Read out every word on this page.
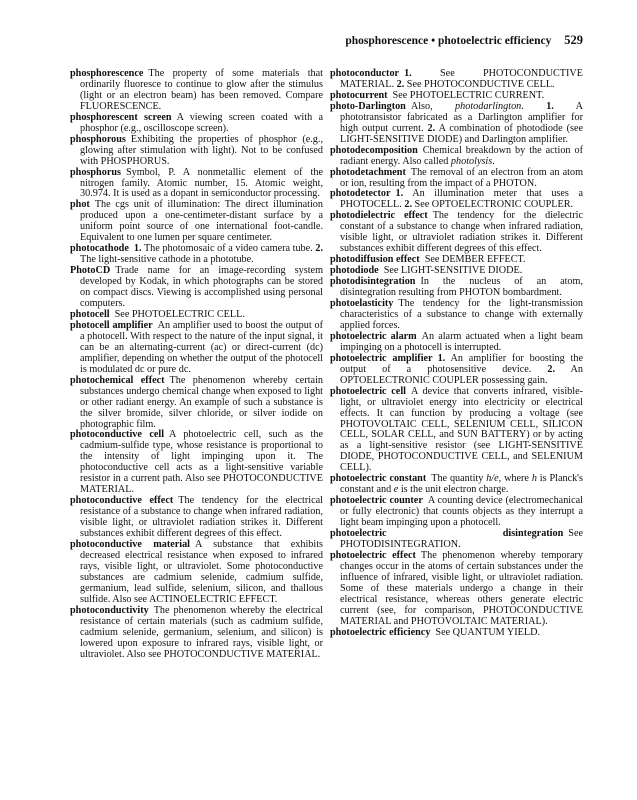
phosphorescence • photoelectric efficiency 529

phosphorescence The property of some materials that ordinarily fluoresce to continue to glow after the stimulus (light or an electron beam) has been removed. Compare FLUORESCENCE.

phosphorescent screen A viewing screen coated with a phosphor (e.g., oscilloscope screen).

phosphorous Exhibiting the properties of phosphor (e.g., glowing after stimulation with light). Not to be confused with PHOSPHORUS.

phosphorus Symbol, P. A nonmetallic element of the nitrogen family. Atomic number, 15. Atomic weight, 30.974. It is used as a dopant in semiconductor processing.

phot The cgs unit of illumination: The direct illumination produced upon a one-centimeter-distant surface by a uniform point source of one international foot-candle. Equivalent to one lumen per square centimeter.

photocathode 1. The photomosaic of a video camera tube. 2. The light-sensitive cathode in a phototube.

PhotoCD Trade name for an image-recording system developed by Kodak, in which photographs can be stored on compact discs. Viewing is accomplished using personal computers.

photocell See PHOTOELECTRIC CELL.

photocell amplifier An amplifier used to boost the output of a photocell. With respect to the nature of the input signal, it can be an alternating-current (ac) or direct-current (dc) amplifier, depending on whether the output of the photocell is modulated dc or pure dc.

photochemical effect The phenomenon whereby certain substances undergo chemical change when exposed to light or other radiant energy. An example of such a substance is the silver bromide, silver chloride, or silver iodide on photographic film.

photoconductive cell A photoelectric cell, such as the cadmium-sulfide type, whose resistance is proportional to the intensity of light impinging upon it. The photoconductive cell acts as a light-sensitive variable resistor in a current path. Also see PHOTOCONDUCTIVE MATERIAL.

photoconductive effect The tendency for the electrical resistance of a substance to change when infrared radiation, visible light, or ultraviolet radiation strikes it. Different substances exhibit different degrees of this effect.

photoconductive material A substance that exhibits decreased electrical resistance when exposed to infrared rays, visible light, or ultraviolet. Some photoconductive substances are cadmium selenide, cadmium sulfide, germanium, lead sulfide, selenium, silicon, and thallous sulfide. Also see ACTINOELECTRIC EFFECT.

photoconductivity The phenomenon whereby the electrical resistance of certain materials (such as cadmium sulfide, cadmium selenide, germanium, selenium, and silicon) is lowered upon exposure to infrared rays, visible light, or ultraviolet. Also see PHOTOCONDUCTIVE MATERIAL.

photoconductor 1. See PHOTOCONDUCTIVE MATERIAL. 2. See PHOTOCONDUCTIVE CELL.

photocurrent See PHOTOELECTRIC CURRENT.

photo-Darlington Also, photodarlington. 1. A phototransistor fabricated as a Darlington amplifier for high output current. 2. A combination of photodiode (see LIGHT-SENSITIVE DIODE) and Darlington amplifier.

photodecomposition Chemical breakdown by the action of radiant energy. Also called photolysis.

photodetachment The removal of an electron from an atom or ion, resulting from the impact of a PHOTON.

photodetector 1. An illumination meter that uses a PHOTOCELL. 2. See OPTOELECTRONIC COUPLER.

photodielectric effect The tendency for the dielectric constant of a substance to change when infrared radiation, visible light, or ultraviolet radiation strikes it. Different substances exhibit different degrees of this effect.

photodiffusion effect See DEMBER EFFECT.

photodiode See LIGHT-SENSITIVE DIODE.

photodisintegration In the nucleus of an atom, disintegration resulting from PHOTON bombardment.

photoelasticity The tendency for the light-transmission characteristics of a substance to change with externally applied forces.

photoelectric alarm An alarm actuated when a light beam impinging on a photocell is interrupted.

photoelectric amplifier 1. An amplifier for boosting the output of a photosensitive device. 2. An OPTOELECTRONIC COUPLER possessing gain.

photoelectric cell A device that converts infrared, visible-light, or ultraviolet energy into electricity or electrical effects. It can function by producing a voltage (see PHOTOVOLTAIC CELL, SELENIUM CELL, SILICON CELL, SOLAR CELL, and SUN BATTERY) or by acting as a light-sensitive resistor (see LIGHT-SENSITIVE DIODE, PHOTOCONDUCTIVE CELL, and SELENIUM CELL).

photoelectric constant The quantity h/e, where h is Planck's constant and e is the unit electron charge.

photoelectric counter A counting device (electromechanical or fully electronic) that counts objects as they interrupt a light beam impinging upon a photocell.

photoelectric disintegration See PHOTODISINTEGRATION.

photoelectric effect The phenomenon whereby temporary changes occur in the atoms of certain substances under the influence of infrared, visible light, or ultraviolet radiation. Some of these materials undergo a change in their electrical resistance, whereas others generate electric current (see, for comparison, PHOTOCONDUCTIVE MATERIAL and PHOTOVOLTAIC MATERIAL).

photoelectric efficiency See QUANTUM YIELD.
